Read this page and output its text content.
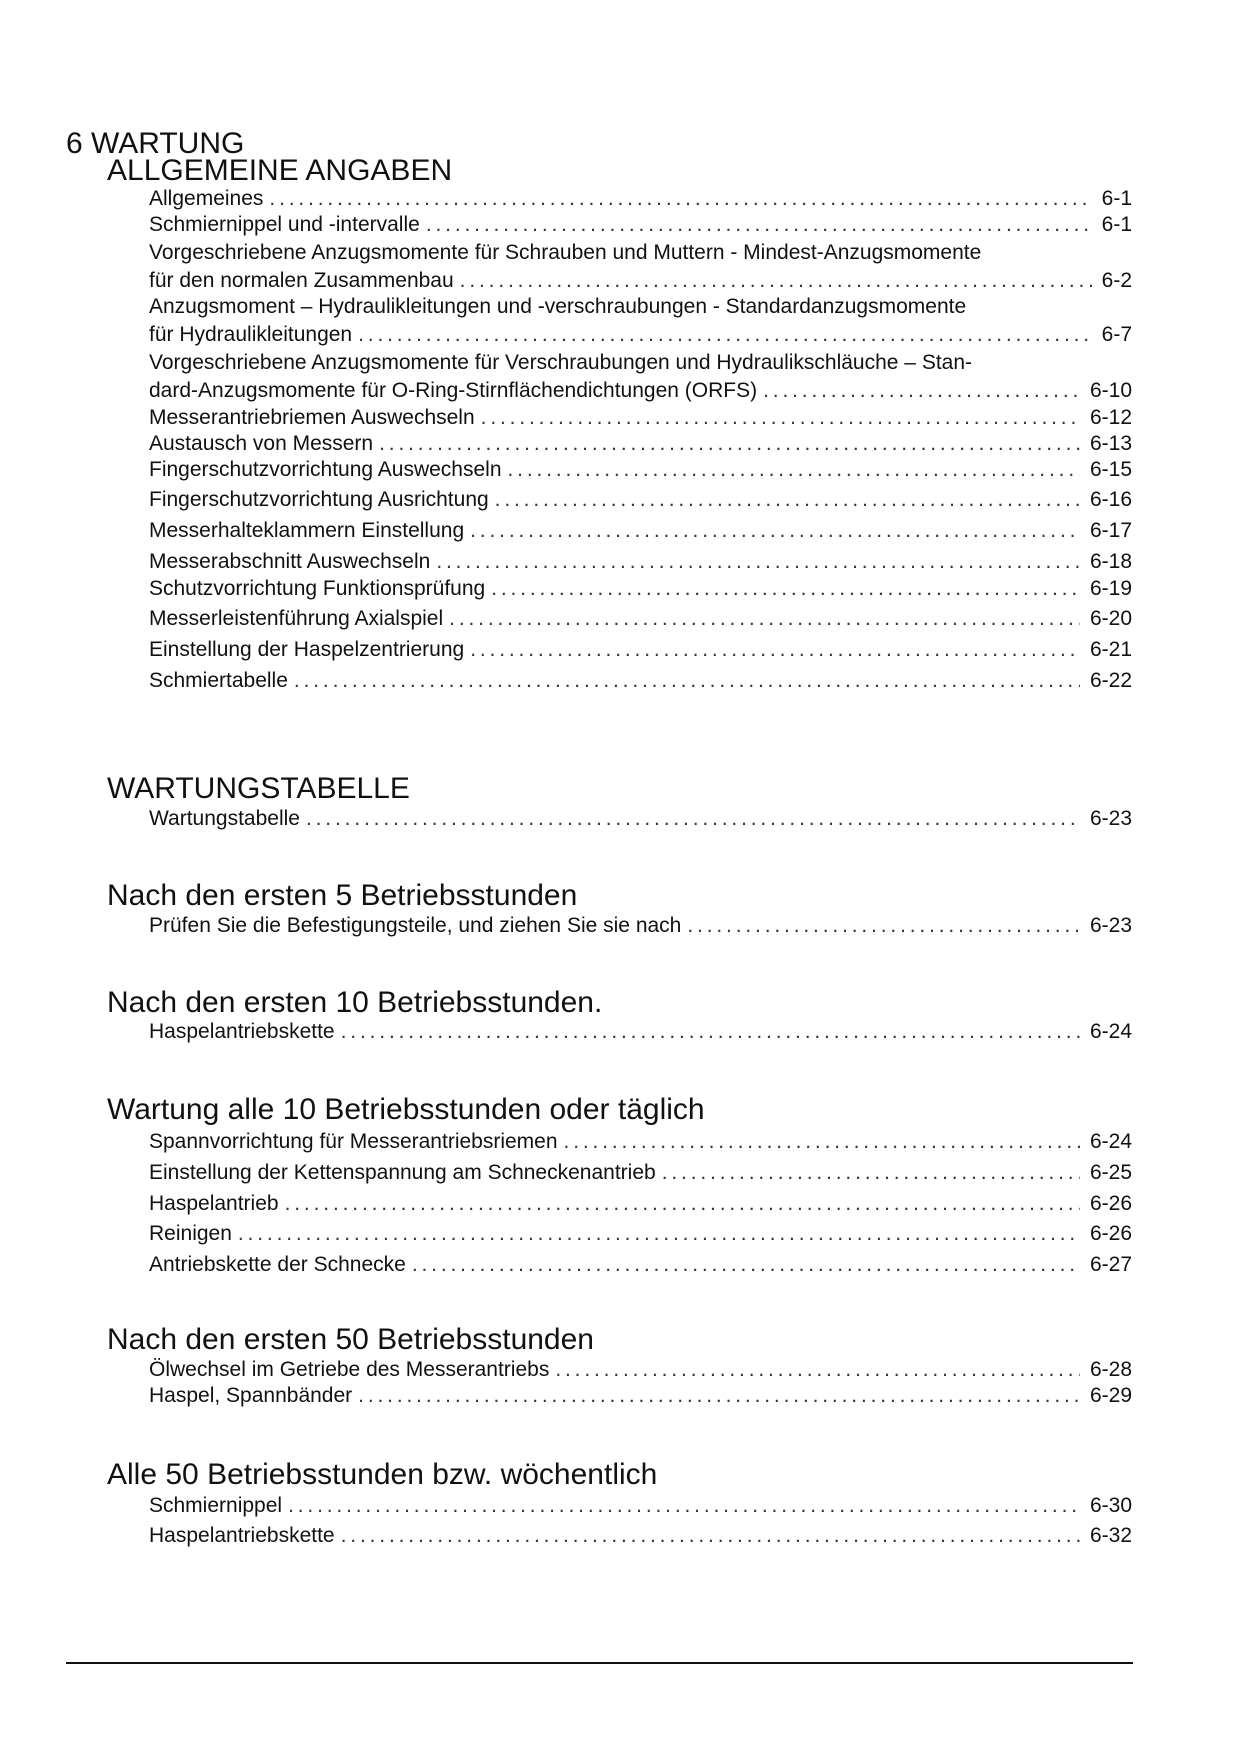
6 WARTUNG
ALLGEMEINE ANGABEN
Allgemeines . . .	6-1
Schmiernippel und -intervalle . . .	6-1
Vorgeschriebene Anzugsmomente für Schrauben und Muttern - Mindest-Anzugsmomente
für den normalen Zusammenbau . . .	6-2
Anzugsmoment – Hydraulikleitungen und -verschraubungen - Standardanzugsmomente
für Hydraulikleitungen . . .	6-7
Vorgeschriebene Anzugsmomente für Verschraubungen und Hydraulikschläuche – Stan-
dard-Anzugsmomente für O-Ring-Stirnflächendichtungen (ORFS) . . .	6-10
Messerantriebriemen Auswechseln . . .	6-12
Austausch von Messern . . .	6-13
Fingerschutzvorrichtung Auswechseln . . .	6-15
Fingerschutzvorrichtung Ausrichtung . . .	6-16
Messerhalteklammern Einstellung . . .	6-17
Messerabschnitt Auswechseln . . .	6-18
Schutzvorrichtung Funktionsprüfung . . .	6-19
Messerleistenführung Axialspiel . . .	6-20
Einstellung der Haspelzentrierung . . .	6-21
Schmiertabelle . . .	6-22
WARTUNGSTABELLE
Wartungstabelle . . .	6-23
Nach den ersten 5 Betriebsstunden
Prüfen Sie die Befestigungsteile, und ziehen Sie sie nach . . .	6-23
Nach den ersten 10 Betriebsstunden.
Haspelantriebskette . . .	6-24
Wartung alle 10 Betriebsstunden oder täglich
Spannvorrichtung für Messerantriebsriemen . . .	6-24
Einstellung der Kettenspannung am Schneckenantrieb . . .	6-25
Haspelantrieb . . .	6-26
Reinigen . . .	6-26
Antriebskette der Schnecke . . .	6-27
Nach den ersten 50 Betriebsstunden
Ölwechsel im Getriebe des Messerantriebs . . .	6-28
Haspel, Spannbänder . . .	6-29
Alle 50 Betriebsstunden bzw. wöchentlich
Schmiernippel . . .	6-30
Haspelantriebskette . . .	6-32
